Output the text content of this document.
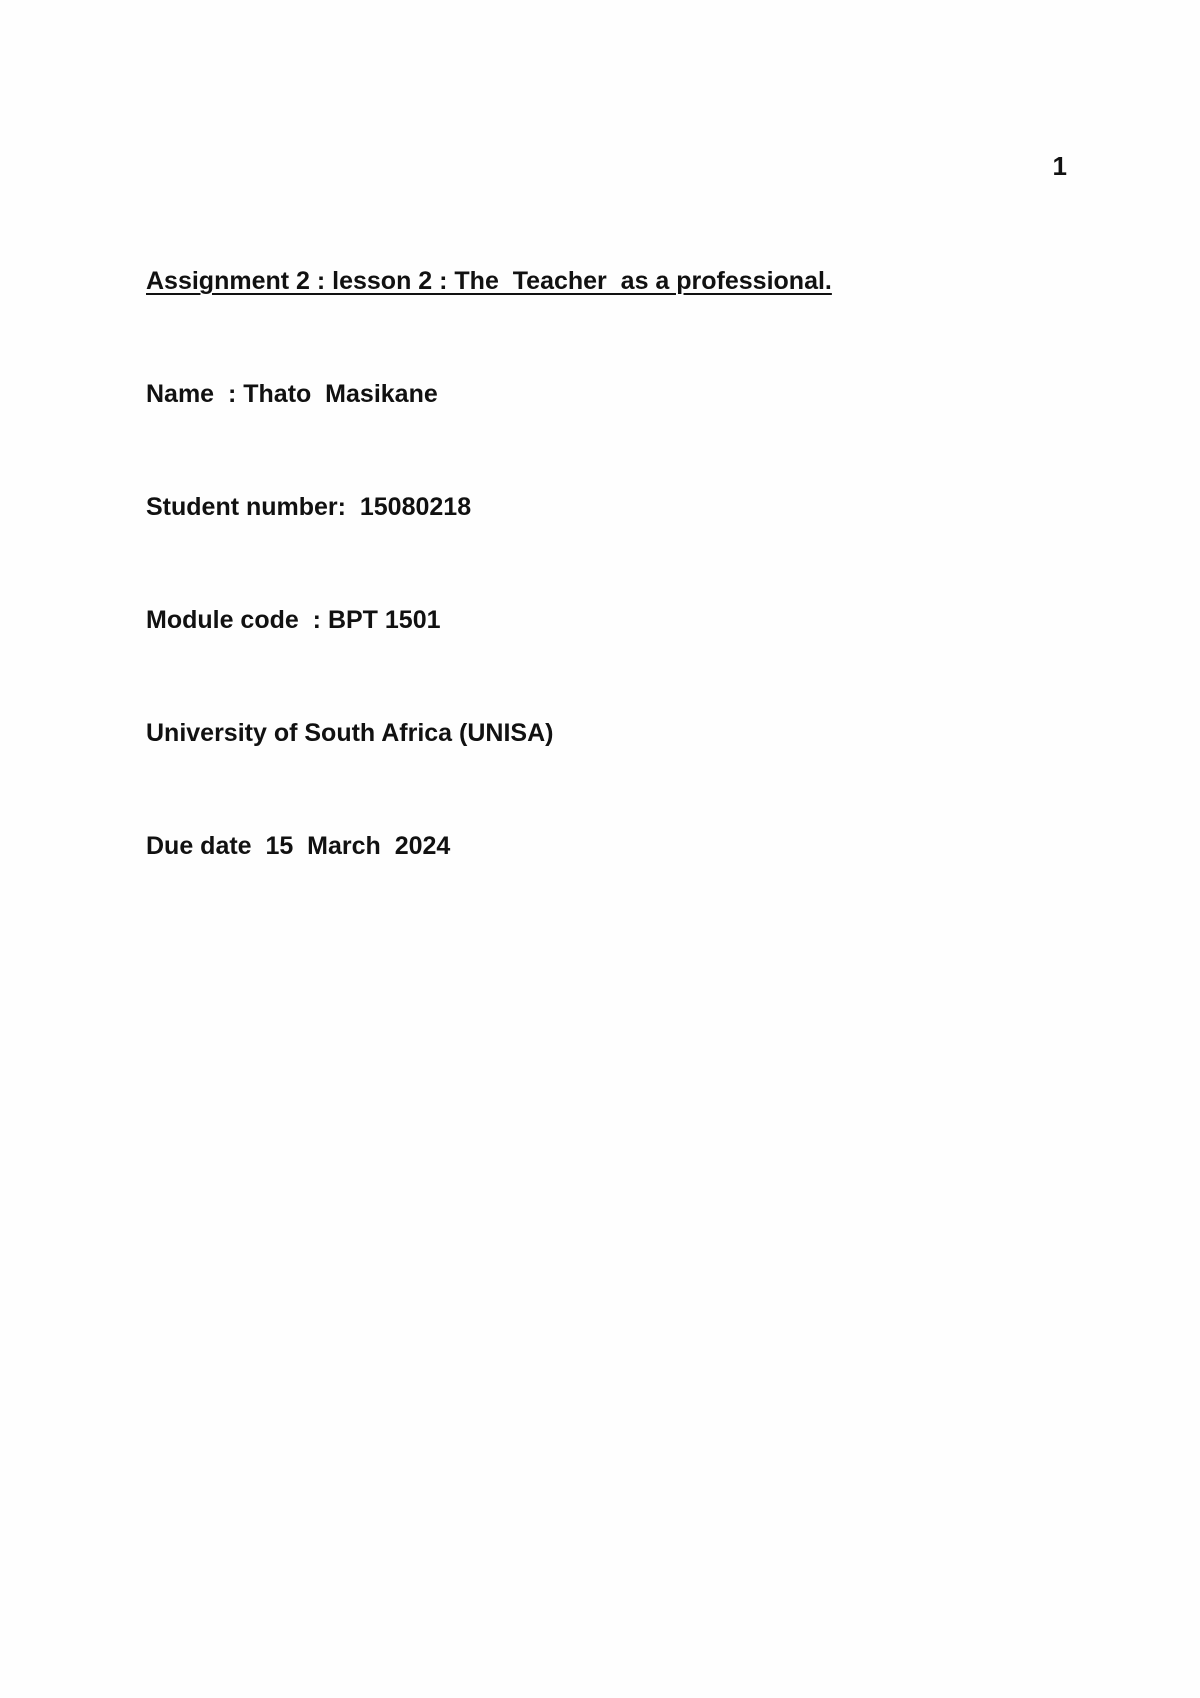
1
Assignment 2 : lesson 2 : The  Teacher  as a professional.
Name  : Thato  Masikane
Student number:  15080218
Module code  : BPT 1501
University of South Africa (UNISA)
Due date  15  March  2024
